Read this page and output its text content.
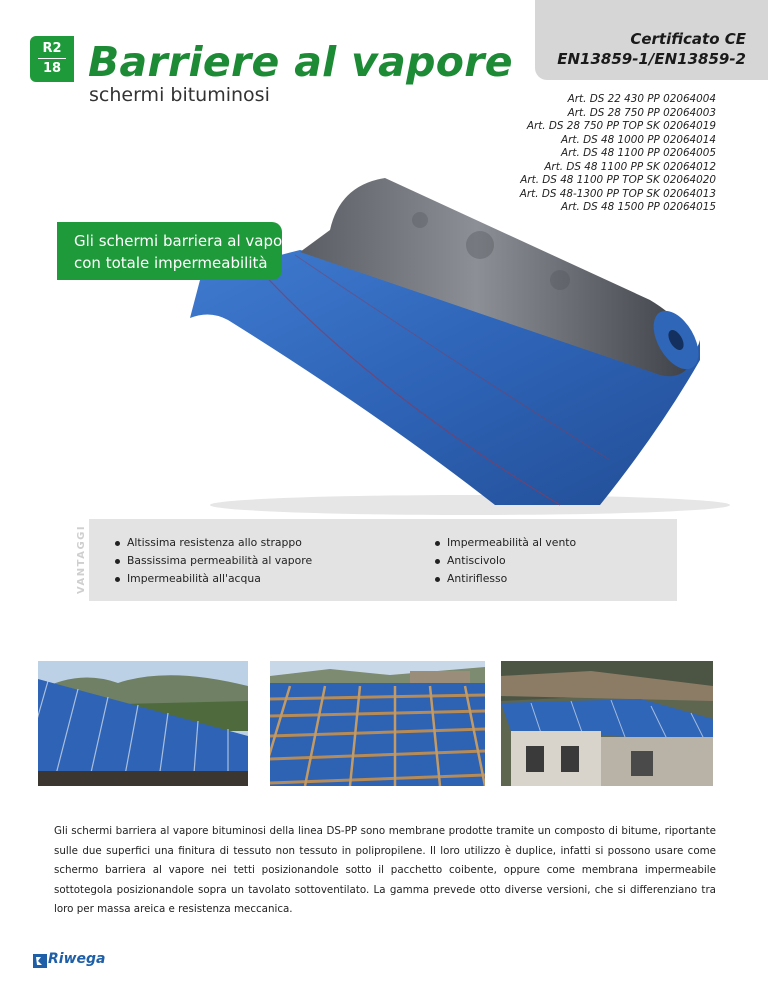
R2
18 Barriere al vapore
schermi bituminosi
Certificato CE
EN13859-1/EN13859-2
Art. DS 22 430 PP 02064004
Art. DS 28 750 PP 02064003
Art. DS 28 750 PP TOP SK 02064019
Art. DS 48 1000 PP 02064014
Art. DS 48 1100 PP 02064005
Art. DS 48 1100 PP SK 02064012
Art. DS 48 1100 PP TOP SK 02064020
Art. DS 48-1300 PP TOP SK 02064013
Art. DS 48 1500 PP 02064015
Gli schermi barriera al vapore
con totale impermeabilità
VANTAGGI	Altissima resistenza allo strappo
Bassissima permeabilità al vapore
Impermeabilità all'acqua
Impermeabilità al vento
Antiscivolo
Antiriflesso

Gli schermi barriera al vapore bituminosi della linea DS-PP sono membrane prodotte tramite un composto di bitume, riportante sulle due superfici una finitura di tessuto non tessuto in polipropilene. Il loro utilizzo è duplice, infatti si possono usare come schermo barriera al vapore nei tetti posizionandole sotto il pacchetto coibente, oppure come membrana impermeabile sottotegola posizionandole sopra un tavolato sottoventilato. La gamma prevede otto diverse versioni, che si differenziano tra loro per massa areica e resistenza meccanica.

Riwega
